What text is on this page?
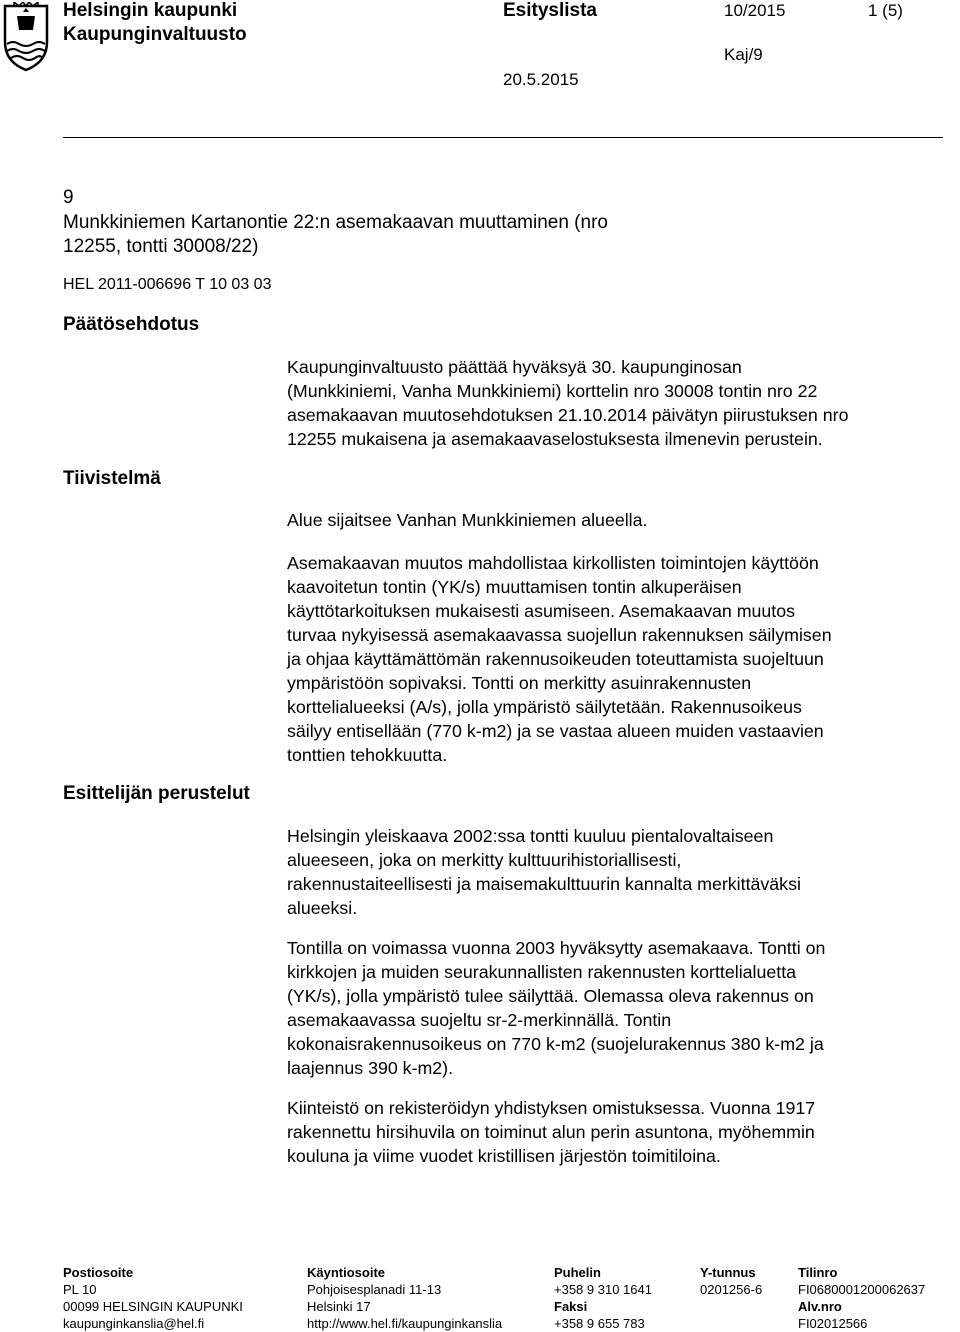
Helsingin kaupunki
Kaupunginvaltuusto
Esityslista	10/2015	1 (5)
Kaj/9
20.5.2015
9
Munkkiniemen Kartanontie 22:n asemakaavan muuttaminen (nro
12255, tontti 30008/22)
HEL 2011-006696 T 10 03 03
Päätösehdotus
Tiivistelmä
Esittelijän perustelut
Kaupunginvaltuusto päättää hyväksyä 30. kaupunginosan
(Munkkiniemi, Vanha Munkkiniemi) korttelin nro 30008 tontin nro 22
asemakaavan muutosehdotuksen 21.10.2014 päivätyn piirustuksen nro
12255 mukaisena ja asemakaavaselostuksesta ilmenevin perustein.
Alue sijaitsee Vanhan Munkkiniemen alueella.
Asemakaavan muutos mahdollistaa kirkollisten toimintojen käyttöön
kaavoitetun tontin (YK/s) muuttamisen tontin alkuperäisen
käyttötarkoituksen mukaisesti asumiseen. Asemakaavan muutos
turvaa nykyisessä asemakaavassa suojellun rakennuksen säilymisen
ja ohjaa käyttämättömän rakennusoikeuden toteuttamista suojeltuun
ympäristöön sopivaksi. Tontti on merkitty asuinrakennusten
korttelialueeksi (A/s), jolla ympäristö säilytetään. Rakennusoikeus
säilyy entisellään (770 k-m2) ja se vastaa alueen muiden vastaavien
tonttien tehokkuutta.
Helsingin yleiskaava 2002:ssa tontti kuuluu pientalovaltaiseen
alueeseen, joka on merkitty kulttuurihistoriallisesti,
rakennustaiteellisesti ja maisemakulttuurin kannalta merkittäväksi
alueeksi.
Tontilla on voimassa vuonna 2003 hyväksytty asemakaava. Tontti on
kirkkojen ja muiden seurakunnallisten rakennusten korttelialuetta
(YK/s), jolla ympäristö tulee säilyttää. Olemassa oleva rakennus on
asemakaavassa suojeltu sr-2-merkinnällä. Tontin
kokonaisrakennusoikeus on 770 k-m2 (suojelurakennus 380 k-m2 ja
laajennus 390 k-m2).
Kiinteistö on rekisteröidyn yhdistyksen omistuksessa. Vuonna 1917
rakennettu hirsihuvila on toiminut alun perin asuntona, myöhemmin
kouluna ja viime vuodet kristillisen järjestön toimitiloina.
Postiosoite
PL 10
00099 HELSINGIN KAUPUNKI
kaupunginkanslia@hel.fi
Käyntiosoite
Pohjoisesplanadi 11-13
Helsinki 17
http://www.hel.fi/kaupunginkanslia
Puhelin
+358 9 310 1641
Faksi
+358 9 655 783
Y-tunnus
0201256-6
Tilinro
FI0680001200062637
Alv.nro
FI02012566
